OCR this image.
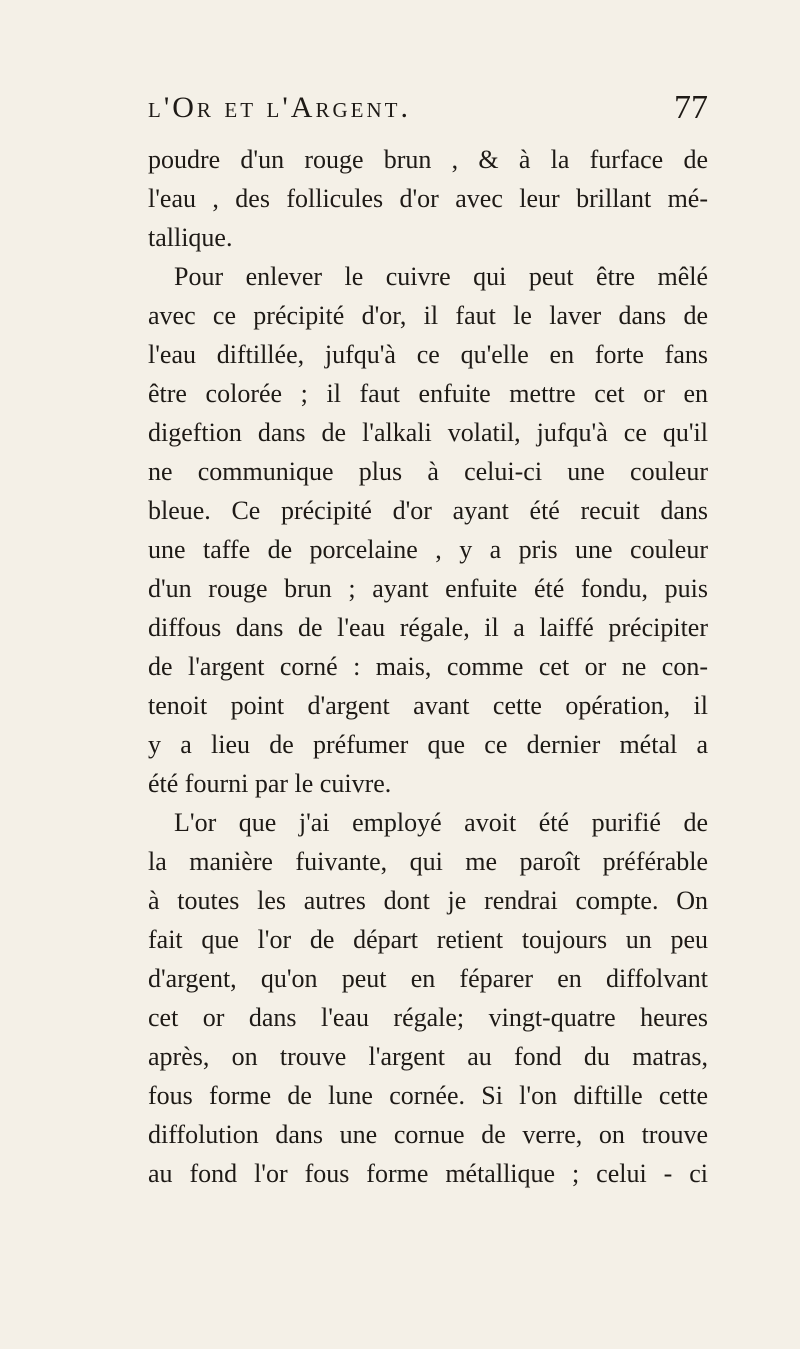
l'Or et l'Argent.	77
poudre d'un rouge brun , & à la furface de
l'eau , des follicules d'or avec leur brillant mé-
tallique.
Pour enlever le cuivre qui peut être mêlé
avec ce précipité d'or, il faut le laver dans de
l'eau diftillée, jufqu'à ce qu'elle en forte fans
être colorée ; il faut enfuite mettre cet or en
digeftion dans de l'alkali volatil, jufqu'à ce qu'il
ne communique plus à celui-ci une couleur
bleue. Ce précipité d'or ayant été recuit dans
une taffe de porcelaine , y a pris une couleur
d'un rouge brun ; ayant enfuite été fondu, puis
diffous dans de l'eau régale, il a laiffé précipiter
de l'argent corné : mais, comme cet or ne con-
tenoit point d'argent avant cette opération, il
y a lieu de préfumer que ce dernier métal a
été fourni par le cuivre.
L'or que j'ai employé avoit été purifié de
la manière fuivante, qui me paroît préférable
à toutes les autres dont je rendrai compte. On
fait que l'or de départ retient toujours un peu
d'argent, qu'on peut en féparer en diffolvant
cet or dans l'eau régale; vingt-quatre heures
après, on trouve l'argent au fond du matras,
fous forme de lune cornée. Si l'on diftille cette
diffolution dans une cornue de verre, on trouve
au fond l'or fous forme métallique ; celui - ci
